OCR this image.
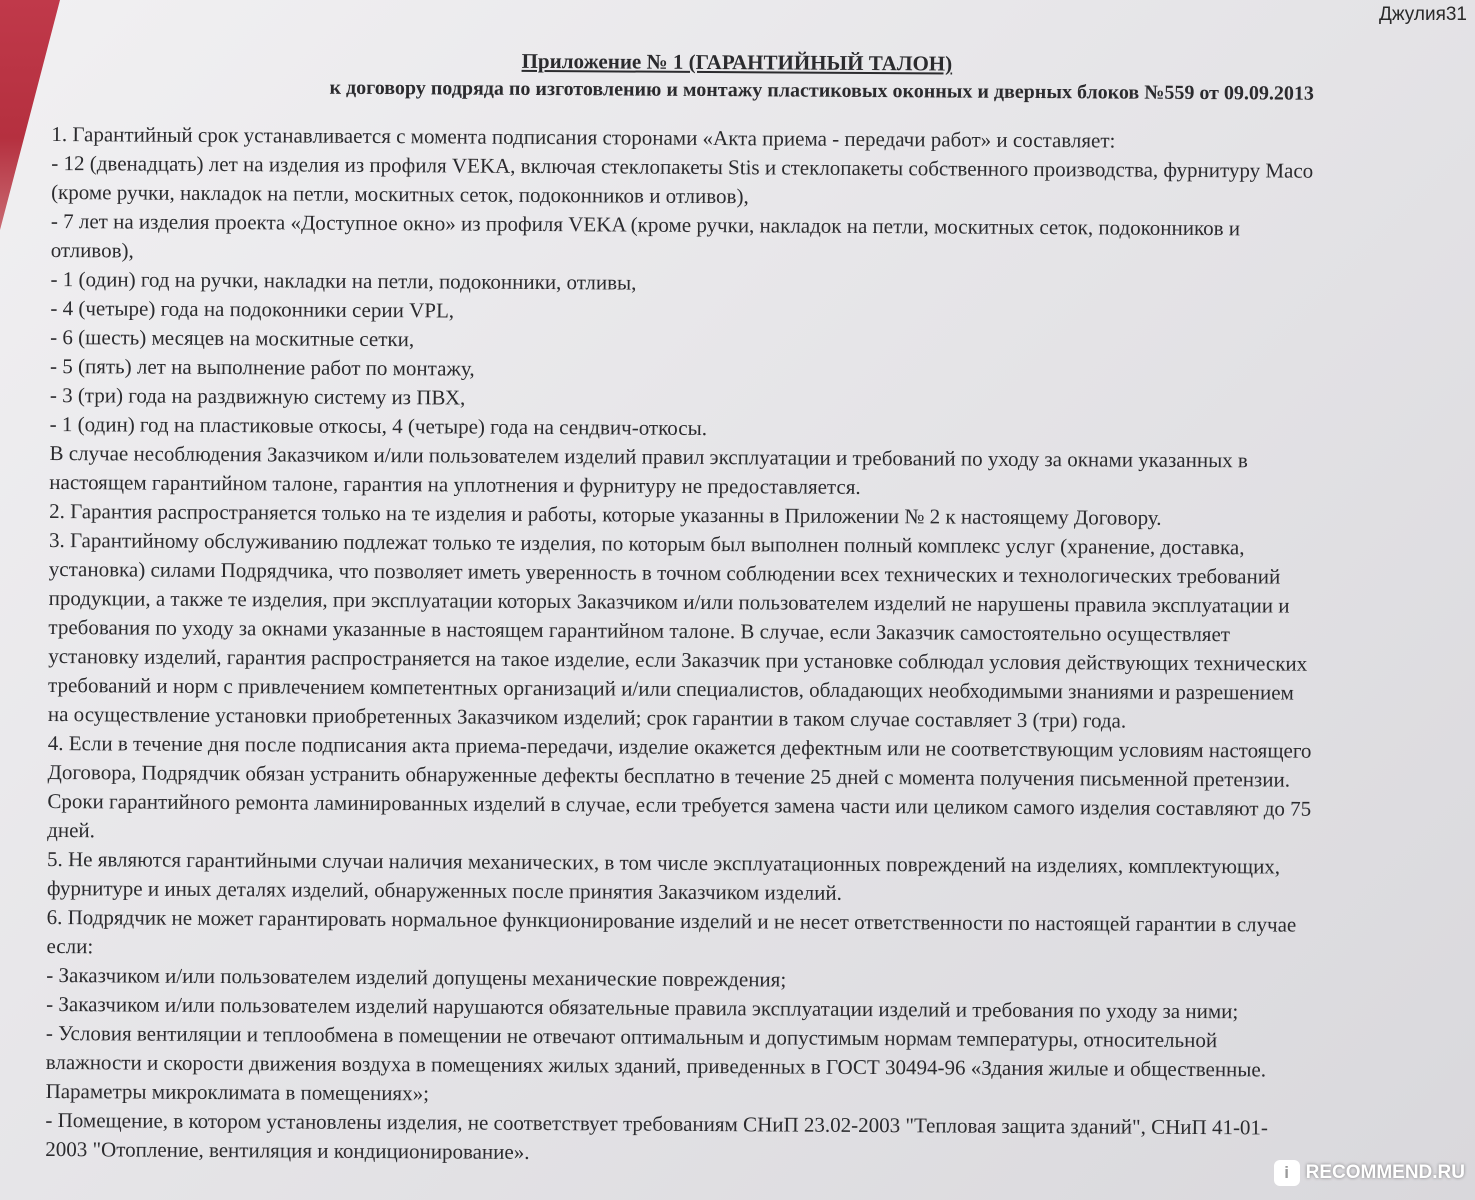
Джулия31

Приложение № 1 (ГАРАНТИЙНЫЙ ТАЛОН)

к договору подряда по изготовлению и монтажу пластиковых оконных и дверных блоков №559 от 09.09.2013

1. Гарантийный срок устанавливается с момента подписания сторонами «Акта приема - передачи работ» и составляет:

- 12 (двенадцать) лет на изделия из профиля VEKA, включая стеклопакеты Stis и стеклопакеты собственного производства, фурнитуру Maco

(кроме ручки, накладок на петли, москитных сеток, подоконников и отливов),

- 7 лет на изделия проекта «Доступное окно» из профиля VEKA (кроме ручки, накладок на петли, москитных сеток, подоконников и

отливов),

- 1 (один) год на ручки, накладки на петли, подоконники, отливы,

- 4 (четыре) года на подоконники серии VPL,

- 6 (шесть) месяцев на москитные сетки,

- 5 (пять) лет на выполнение работ по монтажу,

- 3 (три) года на раздвижную систему из ПВХ,

- 1 (один) год на пластиковые откосы, 4 (четыре) года на сендвич-откосы.

В случае несоблюдения Заказчиком и/или пользователем изделий правил эксплуатации и требований по уходу за окнами указанных в

настоящем гарантийном талоне, гарантия на уплотнения и фурнитуру не предоставляется.

2. Гарантия распространяется только на те изделия и работы, которые указанны в Приложении № 2 к настоящему Договору.

3. Гарантийному обслуживанию подлежат только те изделия, по которым был выполнен полный комплекс услуг (хранение, доставка,

установка) силами Подрядчика, что позволяет иметь уверенность в точном соблюдении всех технических и технологических требований

продукции, а также те изделия, при эксплуатации которых Заказчиком и/или пользователем изделий не нарушены правила эксплуатации и

требования по уходу за окнами указанные в настоящем гарантийном талоне. В случае, если Заказчик самостоятельно осуществляет

установку изделий, гарантия распространяется на такое изделие, если Заказчик при установке соблюдал условия действующих технических

требований и норм с привлечением компетентных организаций и/или специалистов, обладающих необходимыми знаниями и разрешением

на осуществление установки приобретенных Заказчиком изделий; срок гарантии в таком случае составляет 3 (три) года.

4. Если в течение дня после подписания акта приема-передачи, изделие окажется дефектным или не соответствующим условиям настоящего

Договора, Подрядчик обязан устранить обнаруженные дефекты бесплатно в течение 25 дней с момента получения письменной претензии.

Сроки гарантийного ремонта ламинированных изделий в случае, если требуется замена части или целиком самого изделия составляют до 75

дней.

5. Не являются гарантийными случаи наличия механических, в том числе эксплуатационных повреждений на изделиях, комплектующих,

фурнитуре и иных деталях изделий, обнаруженных после принятия Заказчиком изделий.

6. Подрядчик не может гарантировать нормальное функционирование изделий и не несет ответственности по настоящей гарантии в случае

если:

- Заказчиком и/или пользователем изделий допущены механические повреждения;

- Заказчиком и/или пользователем изделий нарушаются обязательные правила эксплуатации изделий и требования по уходу за ними;

- Условия вентиляции и теплообмена в помещении не отвечают оптимальным и допустимым нормам температуры, относительной

влажности и скорости движения воздуха в помещениях жилых зданий, приведенных в ГОСТ 30494-96 «Здания жилые и общественные.

Параметры микроклимата в помещениях»;

- Помещение, в котором установлены изделия, не соответствует требованиям СНиП 23.02-2003 "Тепловая защита зданий", СНиП 41-01-

2003 "Отопление, вентиляция и кондиционирование».

i RECOMMEND.RU
